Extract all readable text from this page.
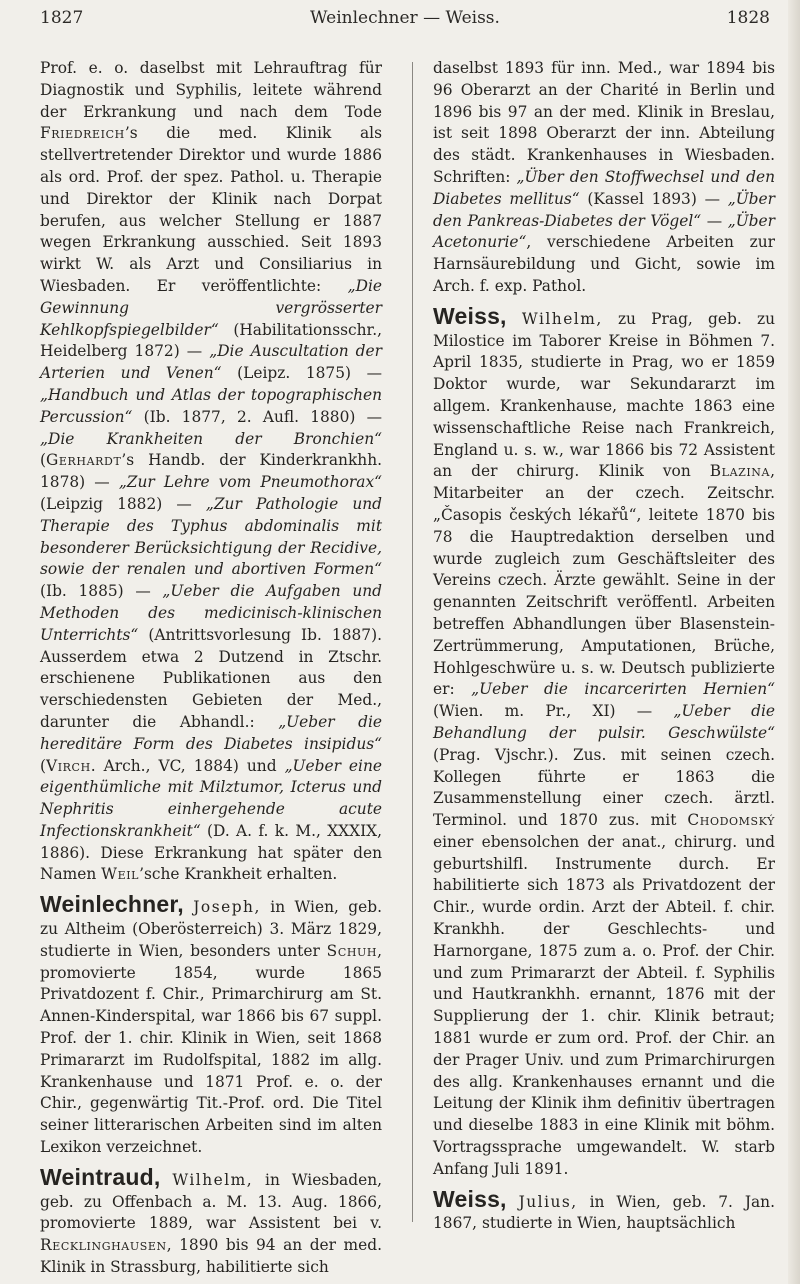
1827	Weinlechner — Weiss.	1828

Prof. e. o. daselbst mit Lehrauftrag für Diagnostik und Syphilis, leitete während der Erkrankung und nach dem Tode Friedreich’s die med. Klinik als stellvertretender Direktor und wurde 1886 als ord. Prof. der spez. Pathol. u. Therapie und Direktor der Klinik nach Dorpat berufen, aus welcher Stellung er 1887 wegen Erkrankung ausschied. Seit 1893 wirkt W. als Arzt und Consiliarius in Wiesbaden. Er veröffentlichte: „Die Gewinnung vergrösserter Kehlkopfspiegelbilder“ (Habilitationsschr., Heidelberg 1872) — „Die Auscultation der Arterien und Venen“ (Leipz. 1875) — „Handbuch und Atlas der topographischen Percussion“ (Ib. 1877, 2. Aufl. 1880) — „Die Krankheiten der Bronchien“ (Gerhardt’s Handb. der Kinderkrankhh. 1878) — „Zur Lehre vom Pneumothorax“ (Leipzig 1882) — „Zur Pathologie und Therapie des Typhus abdominalis mit besonderer Berücksichtigung der Recidive, sowie der renalen und abortiven Formen“ (Ib. 1885) — „Ueber die Aufgaben und Methoden des medicinisch-klinischen Unterrichts“ (Antrittsvorlesung Ib. 1887). Ausserdem etwa 2 Dutzend in Ztschr. erschienene Publikationen aus den verschiedensten Gebieten der Med., darunter die Abhandl.: „Ueber die hereditäre Form des Diabetes insipidus“ (Virch. Arch., VC, 1884) und „Ueber eine eigenthümliche mit Milztumor, Icterus und Nephritis einhergehende acute Infectionskrankheit“ (D. A. f. k. M., XXXIX, 1886). Diese Erkrankung hat später den Namen Weil’sche Krankheit erhalten.

Weinlechner, Joseph, in Wien, geb. zu Altheim (Oberösterreich) 3. März 1829, studierte in Wien, besonders unter Schuh, promovierte 1854, wurde 1865 Privatdozent f. Chir., Primarchirurg am St. Annen-Kinderspital, war 1866 bis 67 suppl. Prof. der 1. chir. Klinik in Wien, seit 1868 Primararzt im Rudolfspital, 1882 im allg. Krankenhause und 1871 Prof. e. o. der Chir., gegenwärtig Tit.-Prof. ord. Die Titel seiner litterarischen Arbeiten sind im alten Lexikon verzeichnet.

Weintraud, Wilhelm, in Wiesbaden, geb. zu Offenbach a. M. 13. Aug. 1866, promovierte 1889, war Assistent bei v. Recklinghausen, 1890 bis 94 an der med. Klinik in Strassburg, habilitierte sich

daselbst 1893 für inn. Med., war 1894 bis 96 Oberarzt an der Charité in Berlin und 1896 bis 97 an der med. Klinik in Breslau, ist seit 1898 Oberarzt der inn. Abteilung des städt. Krankenhauses in Wiesbaden. Schriften: „Über den Stoffwechsel und den Diabetes mellitus“ (Kassel 1893) — „Über den Pankreas-Diabetes der Vögel“ — „Über Acetonurie“, verschiedene Arbeiten zur Harnsäurebildung und Gicht, sowie im Arch. f. exp. Pathol.

Weiss, Wilhelm, zu Prag, geb. zu Milostice im Taborer Kreise in Böhmen 7. April 1835, studierte in Prag, wo er 1859 Doktor wurde, war Sekundararzt im allgem. Krankenhause, machte 1863 eine wissenschaftliche Reise nach Frankreich, England u. s. w., war 1866 bis 72 Assistent an der chirurg. Klinik von Blazina, Mitarbeiter an der czech. Zeitschr. „Časopis českých lékařů“, leitete 1870 bis 78 die Hauptredaktion derselben und wurde zugleich zum Geschäftsleiter des Vereins czech. Ärzte gewählt. Seine in der genannten Zeitschrift veröffentl. Arbeiten betreffen Abhandlungen über Blasenstein-Zertrümmerung, Amputationen, Brüche, Hohlgeschwüre u. s. w. Deutsch publizierte er: „Ueber die incarcerirten Hernien“ (Wien. m. Pr., XI) — „Ueber die Behandlung der pulsir. Geschwülste“ (Prag. Vjschr.). Zus. mit seinen czech. Kollegen führte er 1863 die Zusammenstellung einer czech. ärztl. Terminol. und 1870 zus. mit Chodomský einer ebensolchen der anat., chirurg. und geburtshilfl. Instrumente durch. Er habilitierte sich 1873 als Privatdozent der Chir., wurde ordin. Arzt der Abteil. f. chir. Krankhh. der Geschlechts- und Harnorgane, 1875 zum a. o. Prof. der Chir. und zum Primararzt der Abteil. f. Syphilis und Hautkrankhh. ernannt, 1876 mit der Supplierung der 1. chir. Klinik betraut; 1881 wurde er zum ord. Prof. der Chir. an der Prager Univ. und zum Primarchirurgen des allg. Krankenhauses ernannt und die Leitung der Klinik ihm definitiv übertragen und dieselbe 1883 in eine Klinik mit böhm. Vortragssprache umgewandelt. W. starb Anfang Juli 1891.

Weiss, Julius, in Wien, geb. 7. Jan. 1867, studierte in Wien, hauptsächlich
